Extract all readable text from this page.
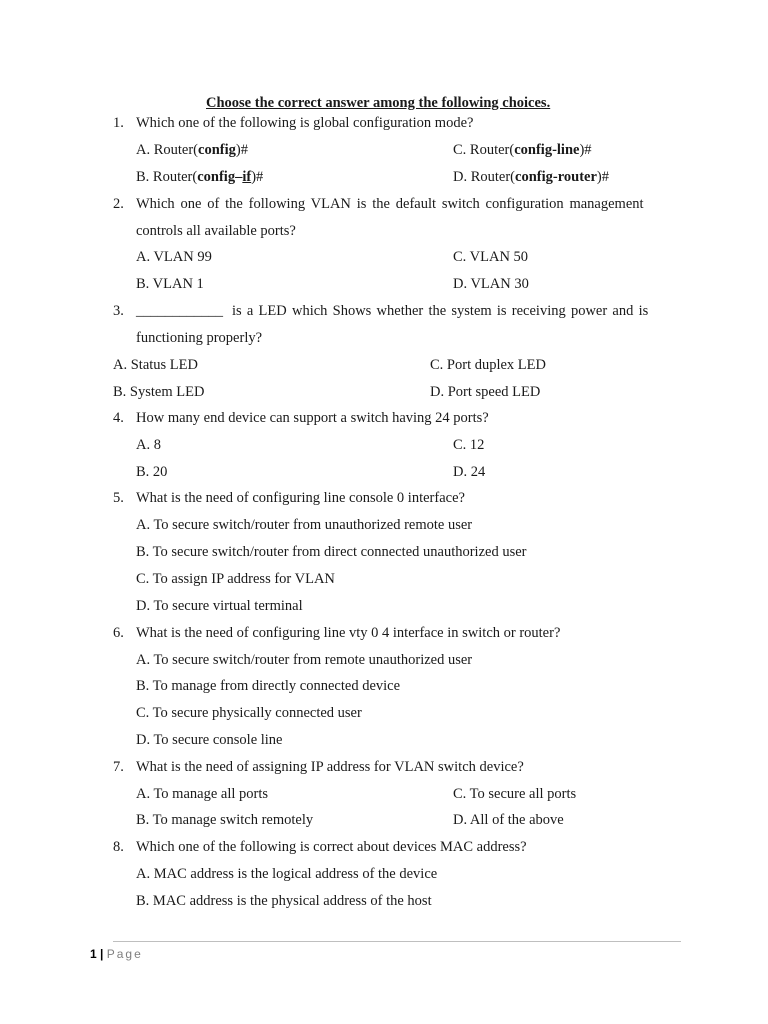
Choose the correct answer among the following choices.
1. Which one of the following is global configuration mode?
A. Router(config)#	C. Router(config-line)#
B. Router(config–if)#	D. Router(config-router)#
2. Which one of the following VLAN is the default switch configuration management
controls all available ports?
A. VLAN 99	C. VLAN 50
B. VLAN 1	D. VLAN 30
3. ____________ is a LED which Shows whether the system is receiving power and is
functioning properly?
A. Status LED	C. Port duplex LED
B. System LED	D. Port speed LED
4. How many end device can support a switch having 24 ports?
A. 8	C. 12
B. 20	D. 24
5. What is the need of configuring line console 0 interface?
A. To secure switch/router from unauthorized remote user
B. To secure switch/router from direct connected unauthorized user
C. To assign IP address for VLAN
D. To secure virtual terminal
6. What is the need of configuring line vty 0 4 interface in switch or router?
A. To secure switch/router from remote unauthorized user
B. To manage from directly connected device
C. To secure physically connected user
D. To secure console line
7. What is the need of assigning IP address for VLAN switch device?
A. To manage all ports	C. To secure all ports
B. To manage switch remotely	D. All of the above
8. Which one of the following is correct about devices MAC address?
A. MAC address is the logical address of the device
B. MAC address is the physical address of the host
1 | Page
